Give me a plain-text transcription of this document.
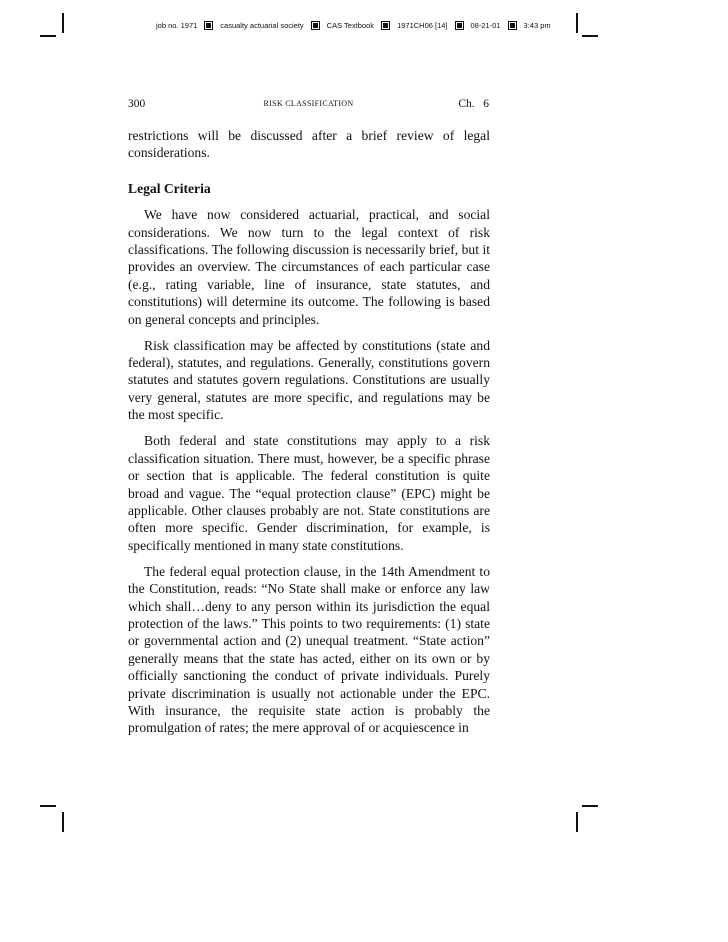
job no. 1971	casualty actuarial society	CAS Textbook	1971CH06 [14]	08-21-01	3:43 pm
300	RISK CLASSIFICATION	Ch.   6

restrictions will be discussed after a brief review of legal considerations.

Legal Criteria

We have now considered actuarial, practical, and social considerations. We now turn to the legal context of risk classifications. The following discussion is necessarily brief, but it provides an overview. The circumstances of each particular case (e.g., rating variable, line of insurance, state statutes, and constitutions) will determine its outcome. The following is based on general concepts and principles.

Risk classification may be affected by constitutions (state and federal), statutes, and regulations. Generally, constitutions govern statutes and statutes govern regulations. Constitutions are usually very general, statutes are more specific, and regulations may be the most specific.

Both federal and state constitutions may apply to a risk classification situation. There must, however, be a specific phrase or section that is applicable. The federal constitution is quite broad and vague. The “equal protection clause” (EPC) might be applicable. Other clauses probably are not. State constitutions are often more specific. Gender discrimination, for example, is specifically mentioned in many state constitutions.

The federal equal protection clause, in the 14th Amendment to the Constitution, reads: “No State shall make or enforce any law which shall…deny to any person within its jurisdiction the equal protection of the laws.” This points to two requirements: (1) state or governmental action and (2) unequal treatment. “State action” generally means that the state has acted, either on its own or by officially sanctioning the conduct of private individuals. Purely private discrimination is usually not actionable under the EPC. With insurance, the requisite state action is probably the promulgation of rates; the mere approval of or acquiescence in
